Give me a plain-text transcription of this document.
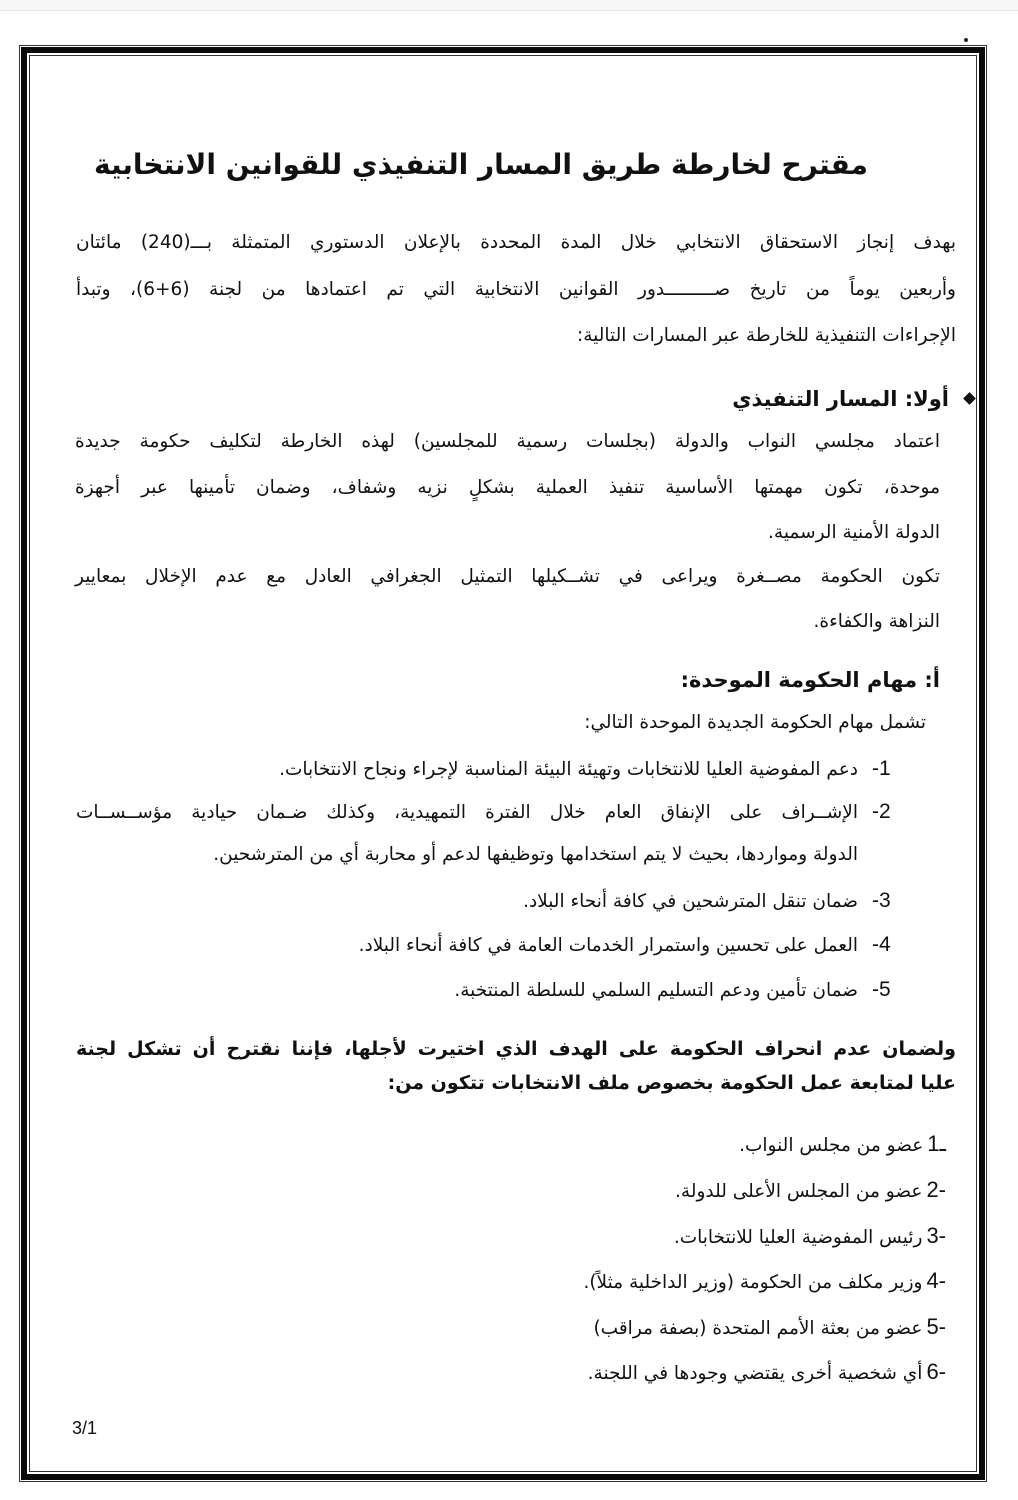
مقترح لخارطة طريق المسار التنفيذي للقوانين الانتخابية
بهدف إنجاز الاستحقاق الانتخابي خلال المدة المحددة بالإعلان الدستوري المتمثلة بـــ(240) مائتان
وأربعين يوماً من تاريخ صـــــــــدور القوانين الانتخابية التي تم اعتمادها من لجنة (6+6)، وتبدأ
الإجراءات التنفيذية للخارطة عبر المسارات التالية:
أولا: المسار التنفيذي
اعتماد مجلسي النواب والدولة (بجلسات رسمية للمجلسين) لهذه الخارطة لتكليف حكومة جديدة
موحدة، تكون مهمتها الأساسية تنفيذ العملية بشكلٍ نزيه وشفاف، وضمان تأمينها عبر أجهزة
الدولة الأمنية الرسمية.
تكون الحكومة مصــغرة ويراعى في تشــكيلها التمثيل الجغرافي العادل مع عدم الإخلال بمعايير
النزاهة والكفاءة.
أ: مهام الحكومة الموحدة:
تشمل مهام الحكومة الجديدة الموحدة التالي:
-1دعم المفوضية العليا للانتخابات وتهيئة البيئة المناسبة لإجراء ونجاح الانتخابات.
-2الإشــراف على الإنفاق العام خلال الفترة التمهيدية، وكذلك ضـمان حيادية مؤســســات
الدولة ومواردها، بحيث لا يتم استخدامها وتوظيفها لدعم أو محاربة أي من المترشحين.
-3ضمان تنقل المترشحين في كافة أنحاء البلاد.
-4العمل على تحسين واستمرار الخدمات العامة في كافة أنحاء البلاد.
-5ضمان تأمين ودعم التسليم السلمي للسلطة المنتخبة.
ولضمان عدم انحراف الحكومة على الهدف الذي اختيرت لأجلها، فإننا نقترح أن تشكل لجنة
عليا لمتابعة عمل الحكومة بخصوص ملف الانتخابات تتكون من:
1ـعضو من مجلس النواب.
2-عضو من المجلس الأعلى للدولة.
3-رئيس المفوضية العليا للانتخابات.
4-وزير مكلف من الحكومة (وزير الداخلية مثلاً).
5-عضو من بعثة الأمم المتحدة (بصفة مراقب)
6-أي شخصية أخرى يقتضي وجودها في اللجنة.
3/1
